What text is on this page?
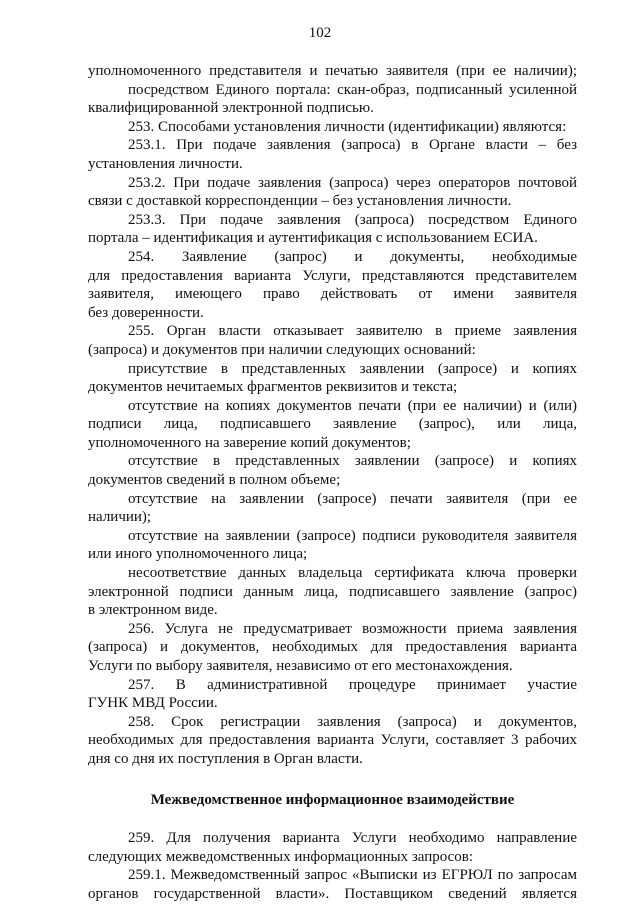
102
уполномоченного представителя и печатью заявителя (при ее наличии);
посредством Единого портала: скан-образ, подписанный усиленной
квалифицированной электронной подписью.
253. Способами установления личности (идентификации) являются:
253.1. При подаче заявления (запроса) в Органе власти – без
установления личности.
253.2. При подаче заявления (запроса) через операторов почтовой
связи с доставкой корреспонденции – без установления личности.
253.3. При подаче заявления (запроса) посредством Единого
портала – идентификация и аутентификация с использованием ЕСИА.
254. Заявление (запрос) и документы, необходимые
для предоставления варианта Услуги, представляются представителем
заявителя, имеющего право действовать от имени заявителя
без доверенности.
255. Орган власти отказывает заявителю в приеме заявления
(запроса) и документов при наличии следующих оснований:
присутствие в представленных заявлении (запросе) и копиях
документов нечитаемых фрагментов реквизитов и текста;
отсутствие на копиях документов печати (при ее наличии) и (или)
подписи лица, подписавшего заявление (запрос), или лица,
уполномоченного на заверение копий документов;
отсутствие в представленных заявлении (запросе) и копиях
документов сведений в полном объеме;
отсутствие на заявлении (запросе) печати заявителя (при ее
наличии);
отсутствие на заявлении (запросе) подписи руководителя заявителя
или иного уполномоченного лица;
несоответствие данных владельца сертификата ключа проверки
электронной подписи данным лица, подписавшего заявление (запрос)
в электронном виде.
256. Услуга не предусматривает возможности приема заявления
(запроса) и документов, необходимых для предоставления варианта
Услуги по выбору заявителя, независимо от его местонахождения.
257. В административной процедуре принимает участие
ГУНК МВД России.
258. Срок регистрации заявления (запроса) и документов,
необходимых для предоставления варианта Услуги, составляет 3 рабочих
дня со дня их поступления в Орган власти.
Межведомственное информационное взаимодействие
259. Для получения варианта Услуги необходимо направление
следующих межведомственных информационных запросов:
259.1. Межведомственный запрос «Выписки из ЕГРЮЛ по запросам
органов государственной власти». Поставщиком сведений является
